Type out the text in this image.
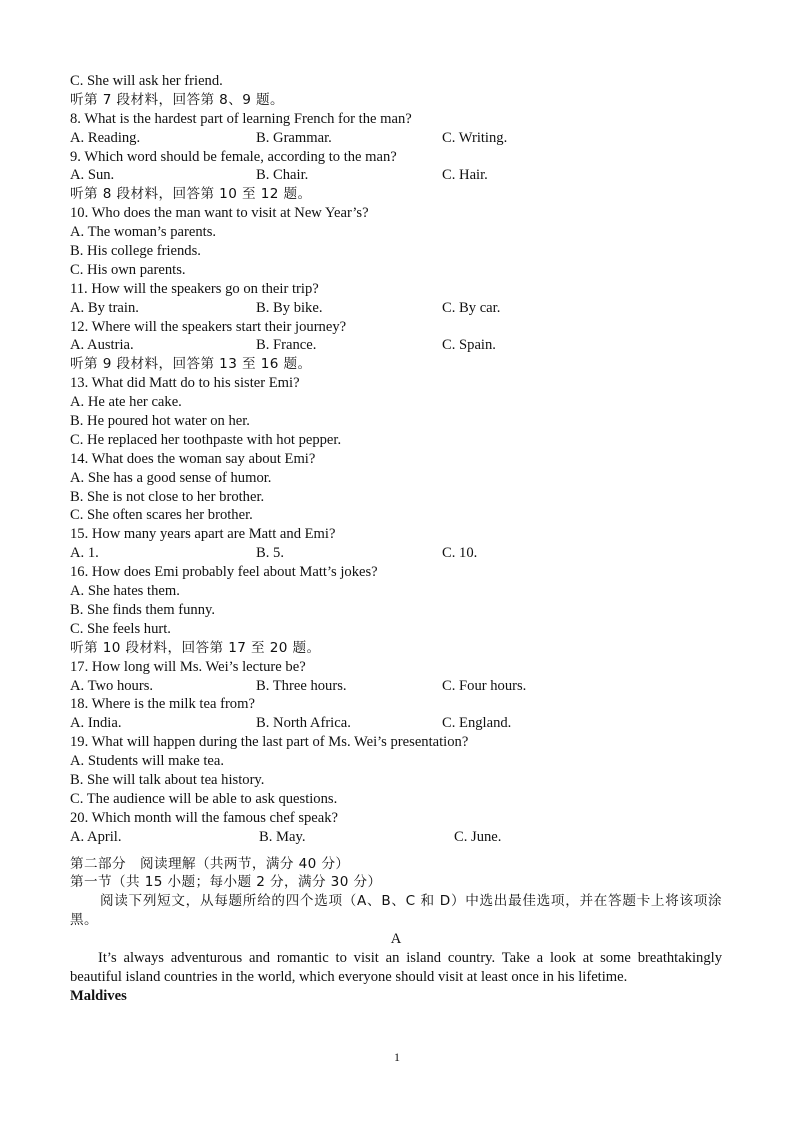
C. She will ask her friend.
听第 7 段材料，回答第 8、9 题。
8. What is the hardest part of learning French for the man?
A. Reading.	B. Grammar.	C. Writing.
9. Which word should be female, according to the man?
A. Sun.	B. Chair.	C. Hair.
听第 8 段材料，回答第 10 至 12 题。
10. Who does the man want to visit at New Year’s?
A. The woman’s parents.
B. His college friends.
C. His own parents.
11. How will the speakers go on their trip?
A. By train.	B. By bike.	C. By car.
12. Where will the speakers start their journey?
A. Austria.	B. France.	C. Spain.
听第 9 段材料，回答第 13 至 16 题。
13. What did Matt do to his sister Emi?
A. He ate her cake.
B. He poured hot water on her.
C. He replaced her toothpaste with hot pepper.
14. What does the woman say about Emi?
A. She has a good sense of humor.
B. She is not close to her brother.
C. She often scares her brother.
15. How many years apart are Matt and Emi?
A. 1.	B. 5.	C. 10.
16. How does Emi probably feel about Matt’s jokes?
A. She hates them.
B. She finds them funny.
C. She feels hurt.
听第 10 段材料，回答第 17 至 20 题。
17. How long will Ms. Wei’s lecture be?
A. Two hours.	B. Three hours.	C. Four hours.
18. Where is the milk tea from?
A. India.	B. North Africa.	C. England.
19. What will happen during the last part of Ms. Wei’s presentation?
A. Students will make tea.
B. She will talk about tea history.
C. The audience will be able to ask questions.
20. Which month will the famous chef speak?
A. April.	B. May.	C. June.
第二部分　阅读理解（共两节，满分 40 分）
第一节（共 15 小题；每小题 2 分，满分 30 分）
阅读下列短文，从每题所给的四个选项（A、B、C 和 D）中选出最佳选项，并在答题卡上将该项涂黑。
A
It’s always adventurous and romantic to visit an island country. Take a look at some breathtakingly beautiful island countries in the world, which everyone should visit at least once in his lifetime.
Maldives
1
